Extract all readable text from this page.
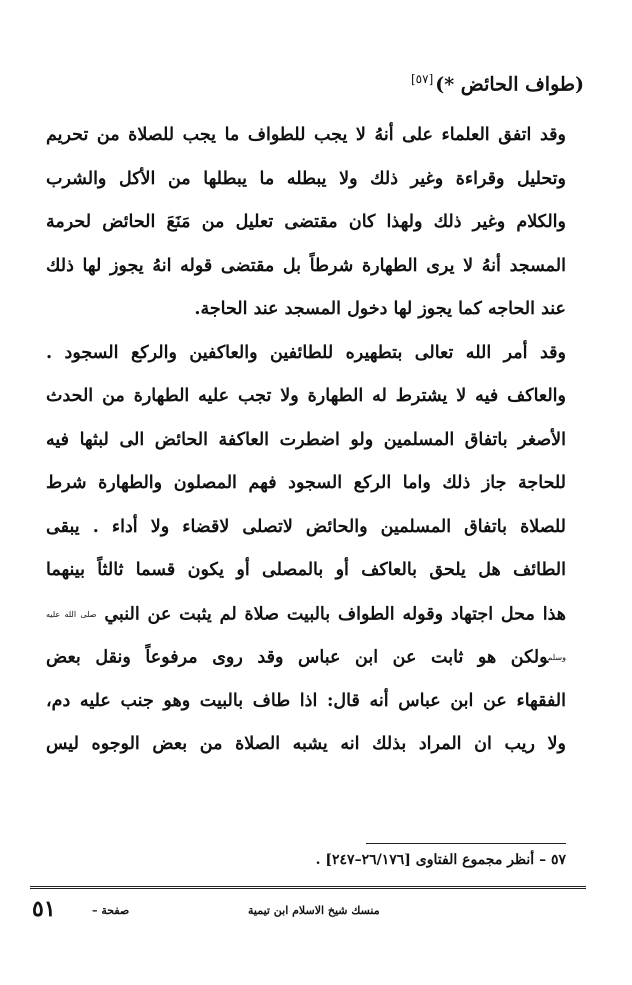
(طواف الحائض *)[٥٧]
وقد اتفق العلماء على أنهُ لا يجب للطواف ما يجب للصلاة من تحريم
وتحليل وقراءة وغير ذلك ولا يبطله ما يبطلها من الأكل والشرب
والكلام وغير ذلك ولهذا كان مقتضى تعليل من مَنَعَ الحائض لحرمة
المسجد أنهُ لا يرى الطهارة شرطاً بل مقتضى قوله انهُ يجوز لها ذلك
عند الحاجه كما يجوز لها دخول المسجد عند الحاجة.
وقد أمر الله تعالى بتطهيره للطائفين والعاكفين والركع السجود .
والعاكف فيه لا يشترط له الطهارة ولا تجب عليه الطهارة من الحدث
الأصغر باتفاق المسلمين ولو اضطرت العاكفة الحائض الى لبثها فيه
للحاجة جاز ذلك واما الركع السجود فهم المصلون والطهارة شرط
للصلاة باتفاق المسلمين والحائض لاتصلى لاقضاء ولا أداء . يبقى
الطائف هل يلحق بالعاكف أو بالمصلى أو يكون قسما ثالثاً بينهما
هذا محل اجتهاد وقوله الطواف بالبيت صلاة لم يثبت عن النبي صلى الله عليه
وسلمولكن هو ثابت عن ابن عباس وقد روى مرفوعاً ونقل بعض
الفقهاء عن ابن عباس أنه قال: اذا طاف بالبيت وهو جنب عليه دم،
ولا ريب ان المراد بذلك انه يشبه الصلاة من بعض الوجوه ليس
٥٧ – أنظر مجموع الفتاوى [٢٦/١٧٦–٢٤٧] .
منسك شيخ الاسلام ابن تيمية
صفحة –
٥١
